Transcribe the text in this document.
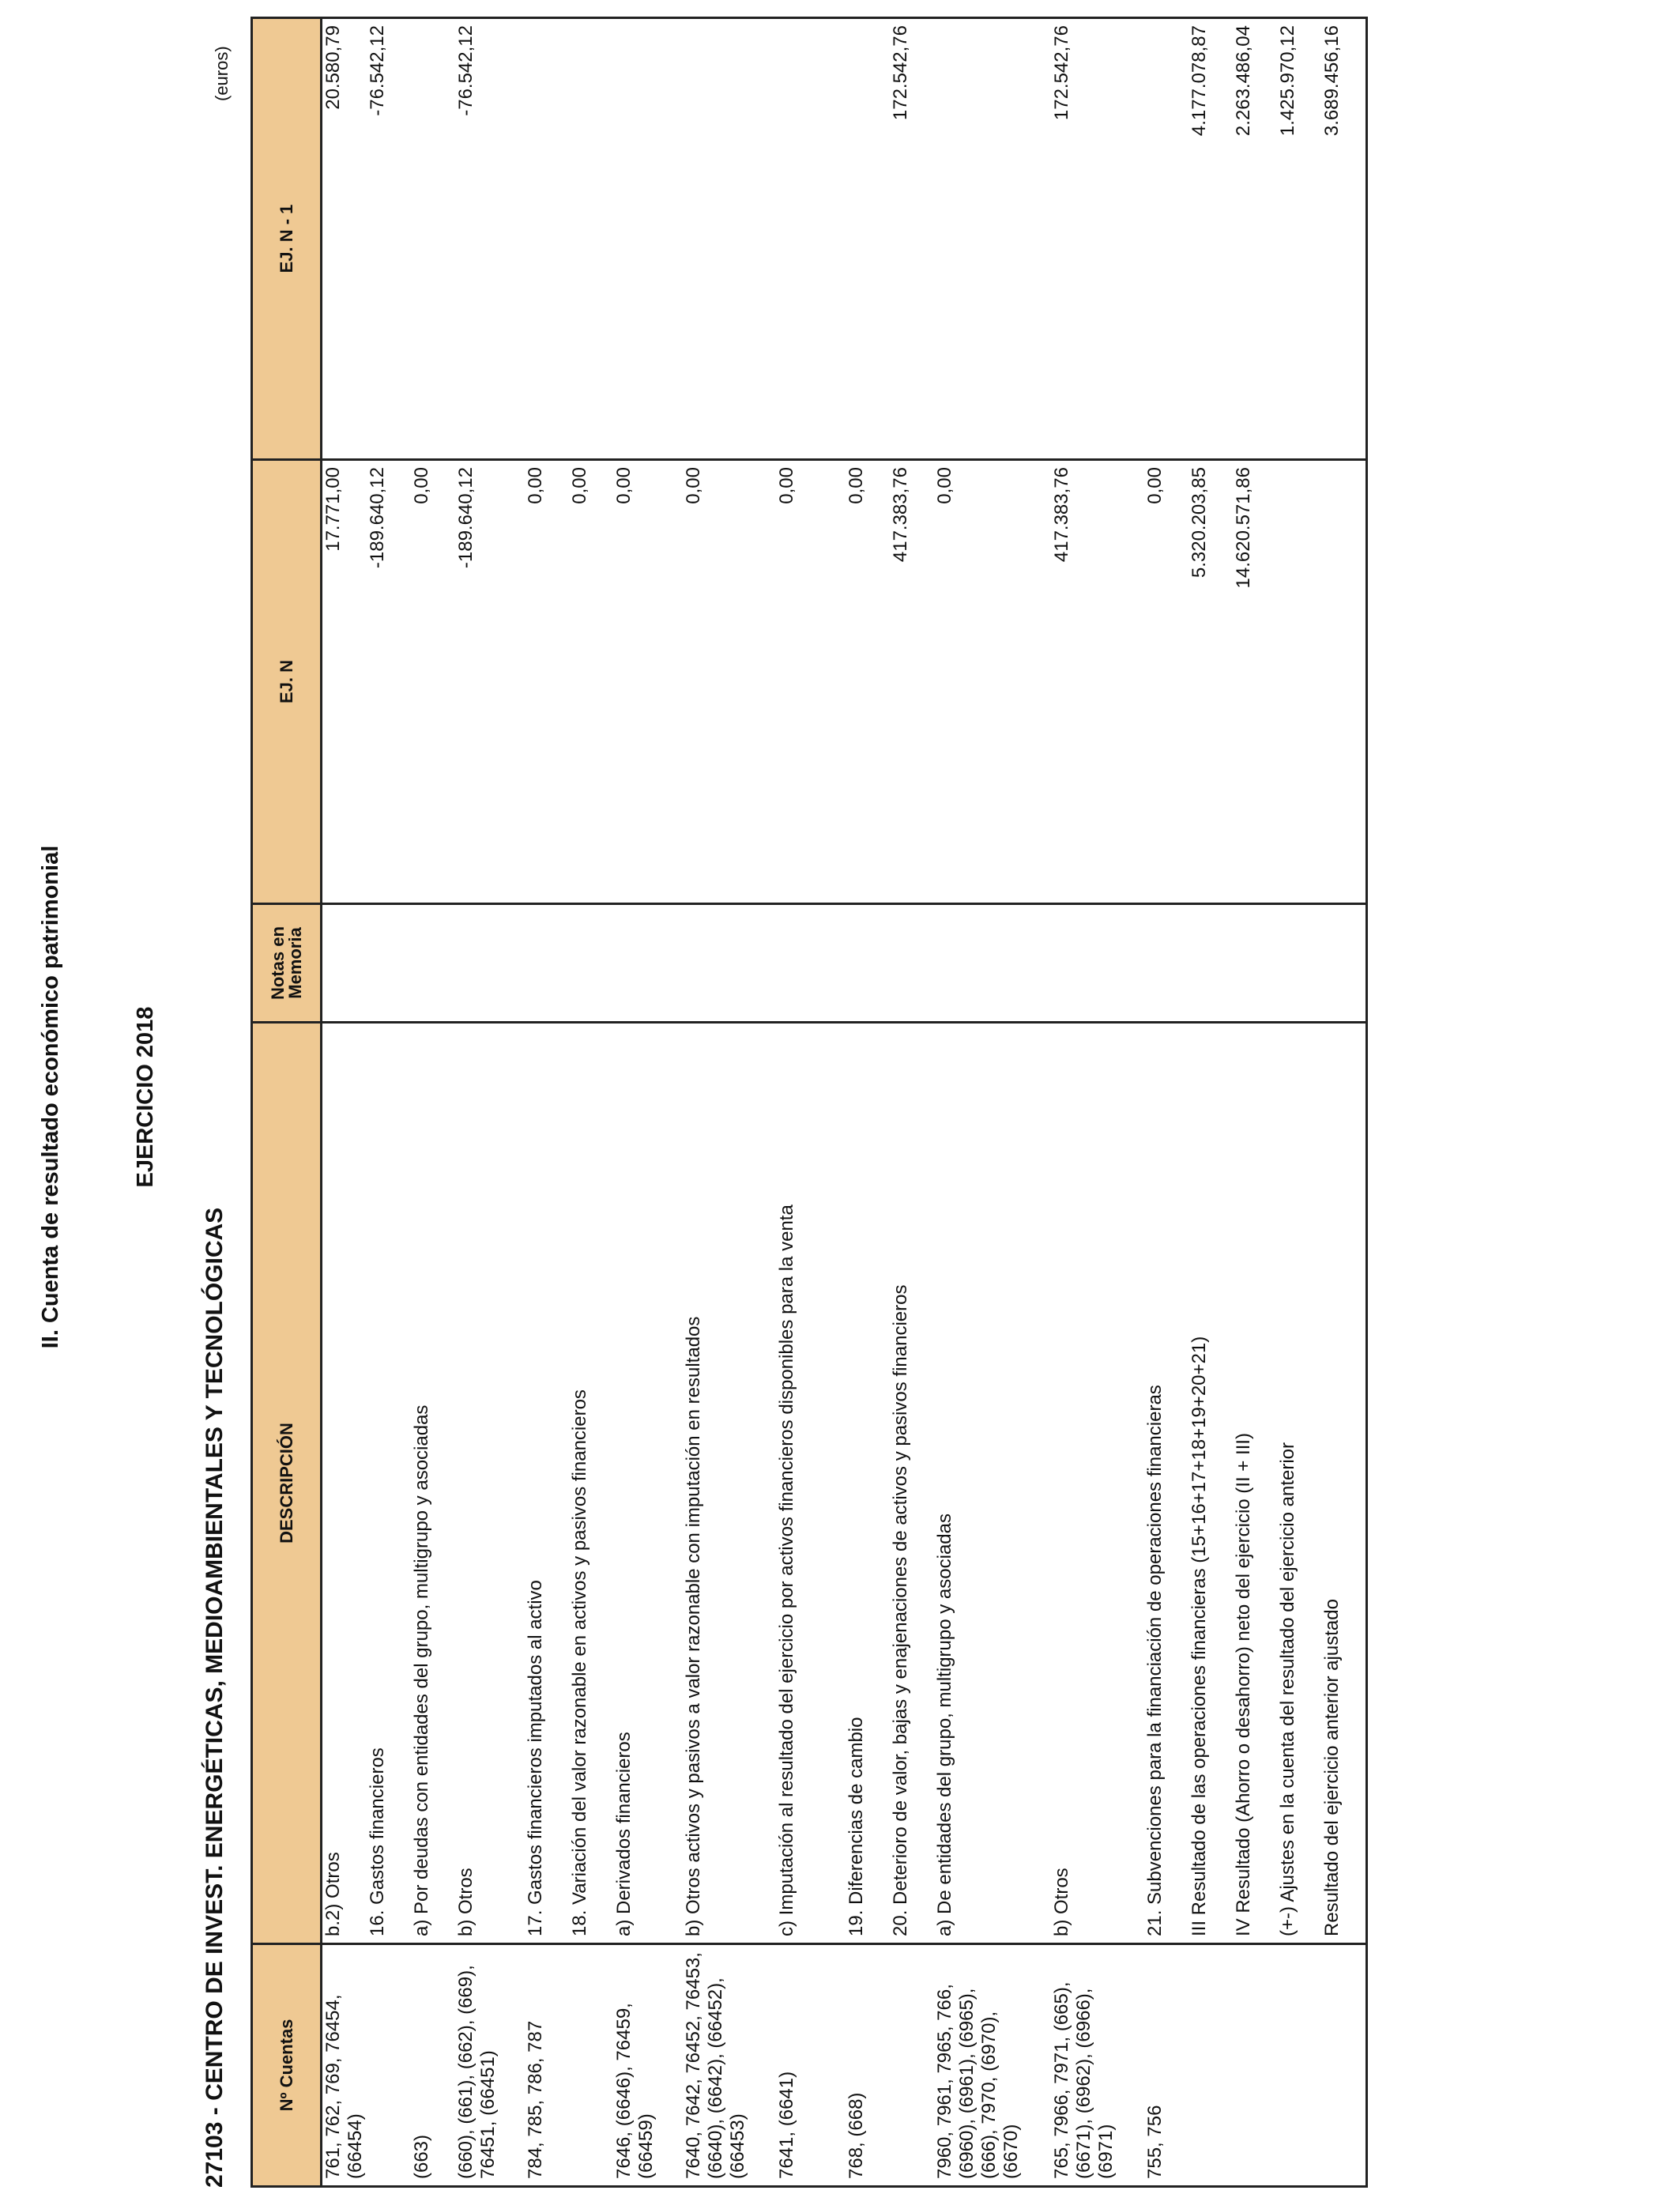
II. Cuenta de resultado económico patrimonial	EJERCICIO 2018
27103 - CENTRO DE INVEST. ENERGÉTICAS, MEDIOAMBIENTALES Y TECNOLÓGICAS
(euros)
Nº Cuentas	DESCRIPCIÓN	Notas en Memoria	EJ. N	EJ. N - 1
761, 762, 769, 76454, (66454)	b.2) Otros		17.771,00	20.580,79
	16. Gastos financieros		-189.640,12	-76.542,12
(663)	a) Por deudas con entidades del grupo, multigrupo y asociadas		0,00	
(660), (661), (662), (669), 76451, (66451)	b) Otros		-189.640,12	-76.542,12
784, 785, 786, 787	17. Gastos financieros imputados al activo		0,00	
	18. Variación del valor razonable en activos y pasivos financieros		0,00	
7646, (6646), 76459, (66459)	a) Derivados financieros		0,00	
7640, 7642, 76452, 76453, (6640), (6642), (66452), (66453)	b) Otros activos y pasivos a valor razonable con imputación en resultados		0,00	
7641, (6641)	c) Imputación al resultado del ejercicio por activos financieros disponibles para la venta		0,00	
768, (668)	19. Diferencias de cambio		0,00	
	20. Deterioro de valor, bajas y enajenaciones de activos y pasivos financieros		417.383,76	172.542,76
7960, 7961, 7965, 766, (6960), (6961), (6965), (666), 7970, (6970), (6670)	a) De entidades del grupo, multigrupo y asociadas		0,00	
765, 7966, 7971, (665), (6671), (6962), (6966), (6971)	b) Otros		417.383,76	172.542,76
755, 756	21. Subvenciones para la financiación de operaciones financieras		0,00	
	III Resultado de las operaciones financieras (15+16+17+18+19+20+21)		5.320.203,85	4.177.078,87
	IV Resultado (Ahorro o desahorro) neto del ejercicio (II + III)		14.620.571,86	2.263.486,04
	(+-) Ajustes en la cuenta del resultado del ejercicio anterior			1.425.970,12
	Resultado del ejercicio anterior ajustado			3.689.456,16
